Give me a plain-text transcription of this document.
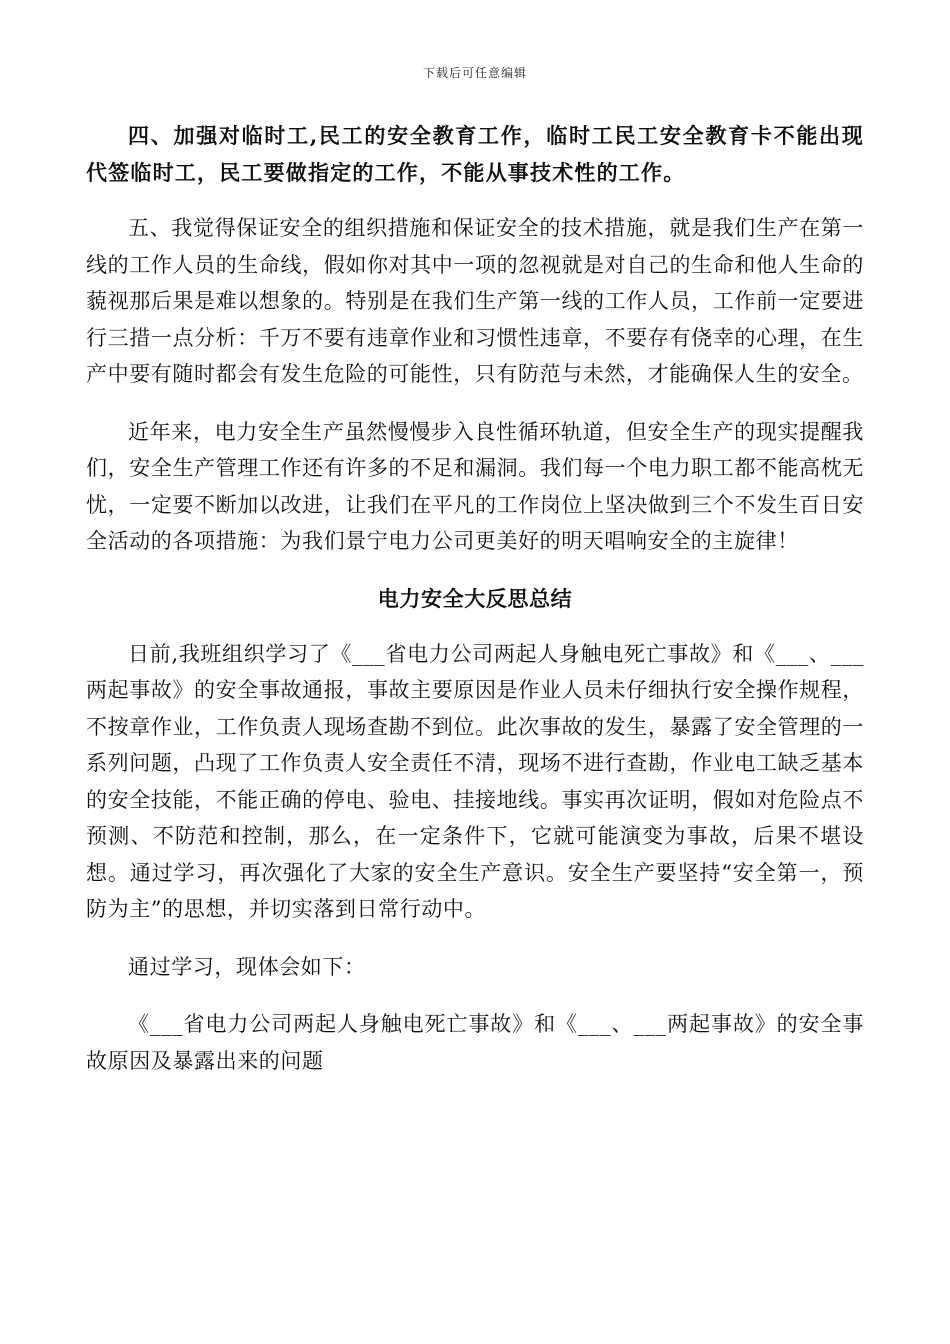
下载后可任意编辑

四、加强对临时工,民工的安全教育工作，临时工民工安全教育卡不能出现代签临时工，民工要做指定的工作，不能从事技术性的工作。

五、我觉得保证安全的组织措施和保证安全的技术措施，就是我们生产在第一线的工作人员的生命线，假如你对其中一项的忽视就是对自己的生命和他人生命的藐视那后果是难以想象的。特别是在我们生产第一线的工作人员，工作前一定要进行三措一点分析：千万不要有违章作业和习惯性违章，不要存有侥幸的心理，在生产中要有随时都会有发生危险的可能性，只有防范与未然，才能确保人生的安全。

近年来，电力安全生产虽然慢慢步入良性循环轨道，但安全生产的现实提醒我们，安全生产管理工作还有许多的不足和漏洞。我们每一个电力职工都不能高枕无忧，一定要不断加以改进，让我们在平凡的工作岗位上坚决做到三个不发生百日安全活动的各项措施：为我们景宁电力公司更美好的明天唱响安全的主旋律！

电力安全大反思总结

日前,我班组织学习了《___省电力公司两起人身触电死亡事故》和《___、___两起事故》的安全事故通报，事故主要原因是作业人员未仔细执行安全操作规程，不按章作业，工作负责人现场查勘不到位。此次事故的发生，暴露了安全管理的一系列问题，凸现了工作负责人安全责任不清，现场不进行查勘，作业电工缺乏基本的安全技能，不能正确的停电、验电、挂接地线。事实再次证明，假如对危险点不预测、不防范和控制，那么，在一定条件下，它就可能演变为事故，后果不堪设想。通过学习，再次强化了大家的安全生产意识。安全生产要坚持“安全第一，预防为主”的思想，并切实落到日常行动中。

通过学习，现体会如下：

《___省电力公司两起人身触电死亡事故》和《___、___两起事故》的安全事故原因及暴露出来的问题
